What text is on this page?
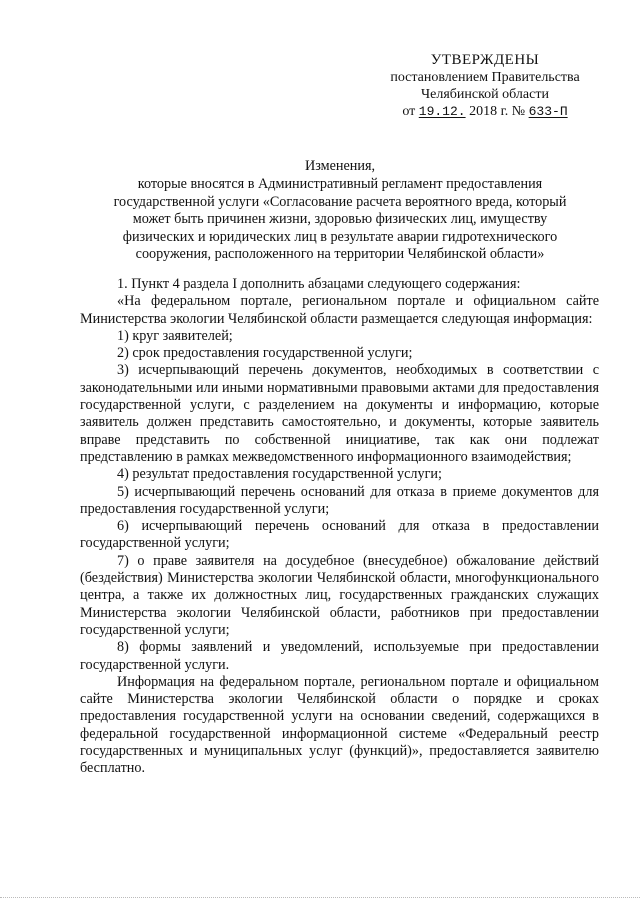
УТВЕРЖДЕНЫ
постановлением Правительства
Челябинской области
от 19.12. 2018 г. № 633-П
Изменения,
которые вносятся в Административный регламент предоставления
государственной услуги «Согласование расчета вероятного вреда, который
может быть причинен жизни, здоровью физических лиц, имуществу
физических и юридических лиц в результате аварии гидротехнического
сооружения, расположенного на территории Челябинской области»

1. Пункт 4 раздела I дополнить абзацами следующего содержания:

«На федеральном портале, региональном портале и официальном сайте Министерства экологии Челябинской области размещается следующая информация:

1) круг заявителей;

2) срок предоставления государственной услуги;

3) исчерпывающий перечень документов, необходимых в соответствии с законодательными или иными нормативными правовыми актами для предоставления государственной услуги, с разделением на документы и информацию, которые заявитель должен представить самостоятельно, и документы, которые заявитель вправе представить по собственной инициативе, так как они подлежат представлению в рамках межведомственного информационного взаимодействия;

4) результат предоставления государственной услуги;

5) исчерпывающий перечень оснований для отказа в приеме документов для предоставления государственной услуги;

6) исчерпывающий перечень оснований для отказа в предоставлении государственной услуги;

7) о праве заявителя на досудебное (внесудебное) обжалование действий (бездействия) Министерства экологии Челябинской области, многофункционального центра, а также их должностных лиц, государственных гражданских служащих Министерства экологии Челябинской области, работников при предоставлении государственной услуги;

8) формы заявлений и уведомлений, используемые при предоставлении государственной услуги.

Информация на федеральном портале, региональном портале и официальном сайте Министерства экологии Челябинской области о порядке и сроках предоставления государственной услуги на основании сведений, содержащихся в федеральной государственной информационной системе «Федеральный реестр государственных и муниципальных услуг (функций)», предоставляется заявителю бесплатно.
